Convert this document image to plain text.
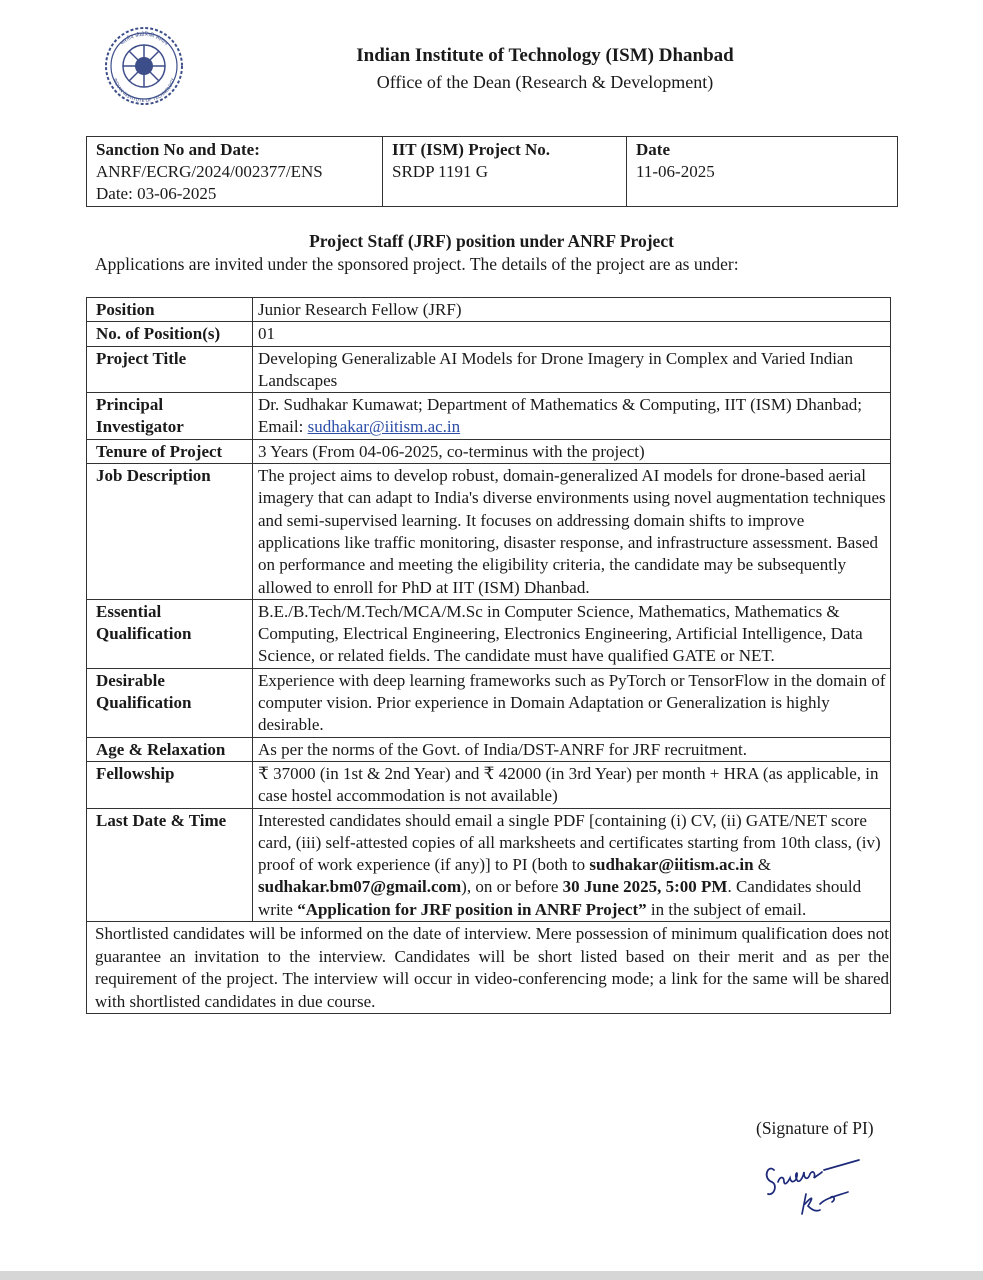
भारतीय प्रौद्योगिकी संस्थान
INDIAN INSTITUTE OF TECHNOLOGY
Indian Institute of Technology (ISM) Dhanbad
Office of the Dean (Research & Development)
Sanction No and Date:
ANRF/ECRG/2024/002377/ENS
Date: 03-06-2025

IIT (ISM) Project No.
SRDP 1191 G

Date
11-06-2025
Project Staff (JRF) position under ANRF Project
Applications are invited under the sponsored project. The details of the project are as under:
Position	Junior Research Fellow (JRF)
No. of Position(s)	01
Project Title	Developing Generalizable AI Models for Drone Imagery in Complex and Varied Indian Landscapes
Principal Investigator	Dr. Sudhakar Kumawat; Department of Mathematics & Computing, IIT (ISM) Dhanbad; Email: sudhakar@iitism.ac.in
Tenure of Project	3 Years (From 04-06-2025, co-terminus with the project)
Job Description	The project aims to develop robust, domain-generalized AI models for drone-based aerial imagery that can adapt to India's diverse environments using novel augmentation techniques and semi-supervised learning. It focuses on addressing domain shifts to improve applications like traffic monitoring, disaster response, and infrastructure assessment. Based on performance and meeting the eligibility criteria, the candidate may be subsequently allowed to enroll for PhD at IIT (ISM) Dhanbad.
Essential Qualification	B.E./B.Tech/M.Tech/MCA/M.Sc in Computer Science, Mathematics, Mathematics & Computing, Electrical Engineering, Electronics Engineering, Artificial Intelligence, Data Science, or related fields. The candidate must have qualified GATE or NET.
Desirable Qualification	Experience with deep learning frameworks such as PyTorch or TensorFlow in the domain of computer vision. Prior experience in Domain Adaptation or Generalization is highly desirable.
Age & Relaxation	As per the norms of the Govt. of India/DST-ANRF for JRF recruitment.
Fellowship	₹ 37000 (in 1st & 2nd Year) and ₹ 42000 (in 3rd Year) per month + HRA (as applicable, in case hostel accommodation is not available)
Last Date & Time	Interested candidates should email a single PDF [containing (i) CV, (ii) GATE/NET score card, (iii) self-attested copies of all marksheets and certificates starting from 10th class, (iv) proof of work experience (if any)] to PI (both to sudhakar@iitism.ac.in & sudhakar.bm07@gmail.com), on or before 30 June 2025, 5:00 PM. Candidates should write “Application for JRF position in ANRF Project” in the subject of email.
Shortlisted candidates will be informed on the date of interview. Mere possession of minimum qualification does not guarantee an invitation to the interview. Candidates will be short listed based on their merit and as per the requirement of the project. The interview will occur in video-conferencing mode; a link for the same will be shared with shortlisted candidates in due course.	
(Signature of PI)
